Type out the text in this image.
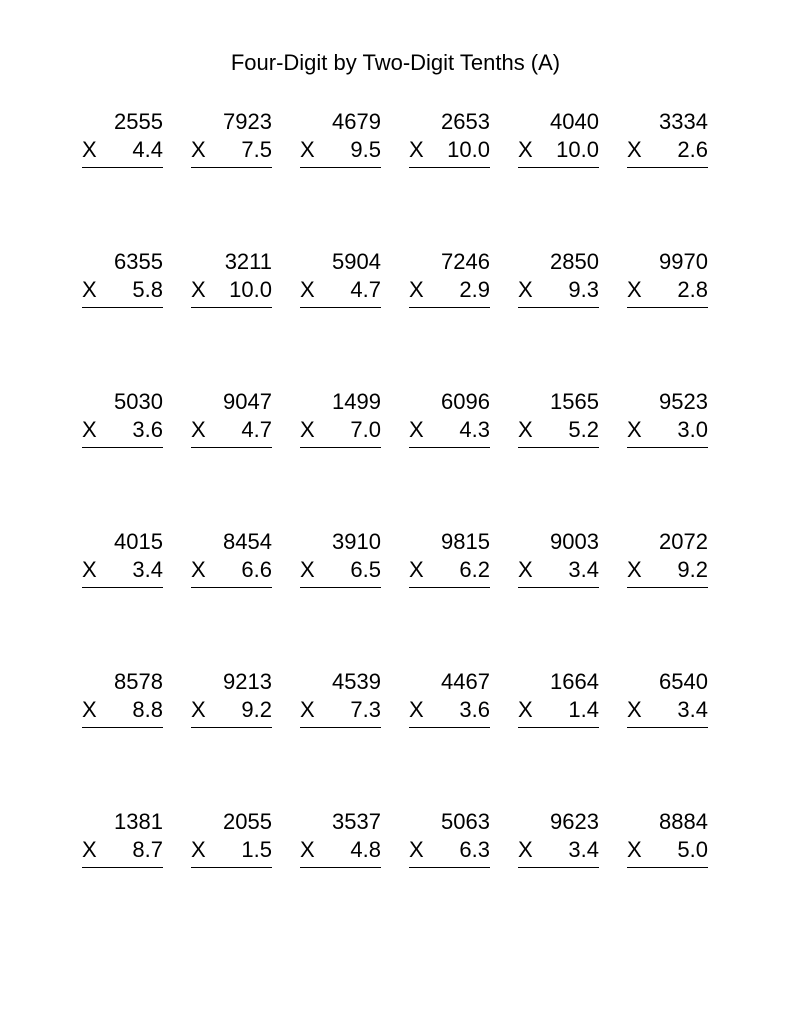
Four-Digit by Two-Digit Tenths (A)
2555
X 4.4
7923
X 7.5
4679
X 9.5
2653
X 10.0
4040
X 10.0
3334
X 2.6
6355
X 5.8
3211
X 10.0
5904
X 4.7
7246
X 2.9
2850
X 9.3
9970
X 2.8
5030
X 3.6
9047
X 4.7
1499
X 7.0
6096
X 4.3
1565
X 5.2
9523
X 3.0
4015
X 3.4
8454
X 6.6
3910
X 6.5
9815
X 6.2
9003
X 3.4
2072
X 9.2
8578
X 8.8
9213
X 9.2
4539
X 7.3
4467
X 3.6
1664
X 1.4
6540
X 3.4
1381
X 8.7
2055
X 1.5
3537
X 4.8
5063
X 6.3
9623
X 3.4
8884
X 5.0
